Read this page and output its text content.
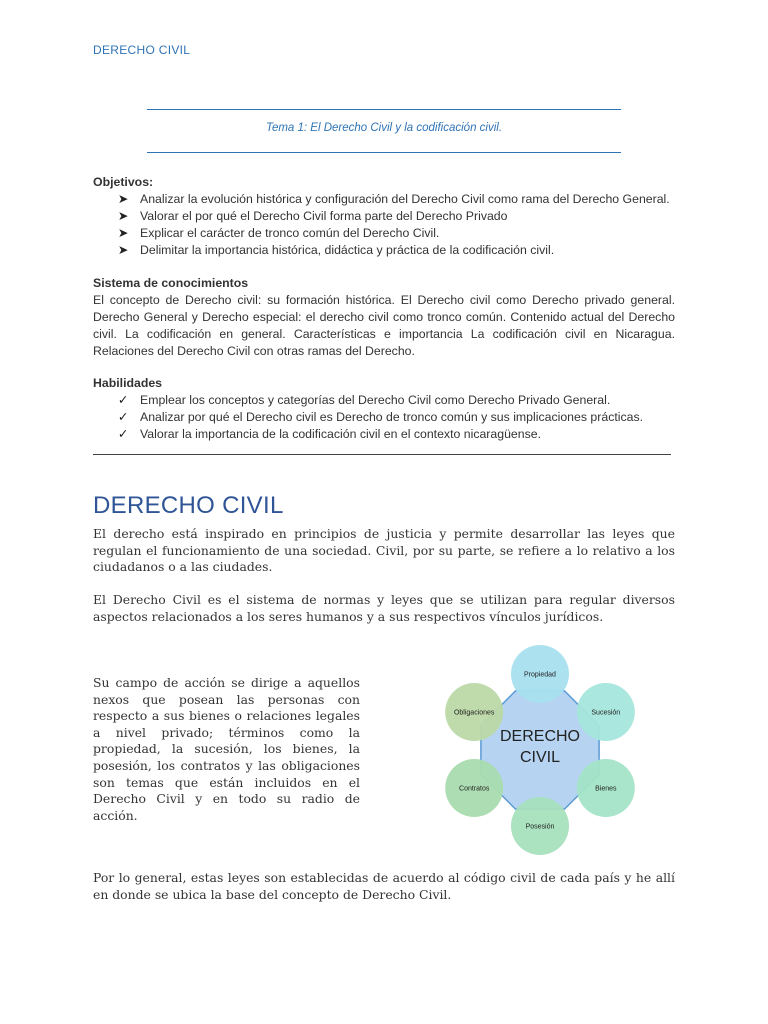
DERECHO CIVIL
Tema 1: El Derecho Civil y la codificación civil.
Objetivos:
➤ Analizar la evolución histórica y configuración del Derecho Civil como rama del Derecho General.
➤ Valorar el por qué el Derecho Civil forma parte del Derecho Privado
➤ Explicar el carácter de tronco común del Derecho Civil.
➤ Delimitar la importancia histórica, didáctica y práctica de la codificación civil.
Sistema de conocimientos
El concepto de Derecho civil: su formación histórica. El Derecho civil como Derecho privado general. Derecho General y Derecho especial: el derecho civil como tronco común. Contenido actual del Derecho civil. La codificación en general. Características e importancia La codificación civil en Nicaragua. Relaciones del Derecho Civil con otras ramas del Derecho.
Habilidades
✓ Emplear los conceptos y categorías del Derecho Civil como Derecho Privado General.
✓ Analizar por qué el Derecho civil es Derecho de tronco común y sus implicaciones prácticas.
✓ Valorar la importancia de la codificación civil en el contexto nicaragüense.
DERECHO CIVIL
El derecho está inspirado en principios de justicia y permite desarrollar las leyes que regulan el funcionamiento de una sociedad. Civil, por su parte, se refiere a lo relativo a los ciudadanos o a las ciudades.
El Derecho Civil es el sistema de normas y leyes que se utilizan para regular diversos aspectos relacionados a los seres humanos y a sus respectivos vínculos jurídicos.
Su campo de acción se dirige a aquellos nexos que posean las personas con respecto a sus bienes o relaciones legales a nivel privado; términos como la propiedad, la sucesión, los bienes, la posesión, los contratos y las obligaciones son temas que están incluidos en el Derecho Civil y en todo su radio de acción.
DERECHO
CIVIL
Propiedad
Sucesión
Bienes
Posesión
Contratos
Obligaciones
Por lo general, estas leyes son establecidas de acuerdo al código civil de cada país y he allí en donde se ubica la base del concepto de Derecho Civil.
